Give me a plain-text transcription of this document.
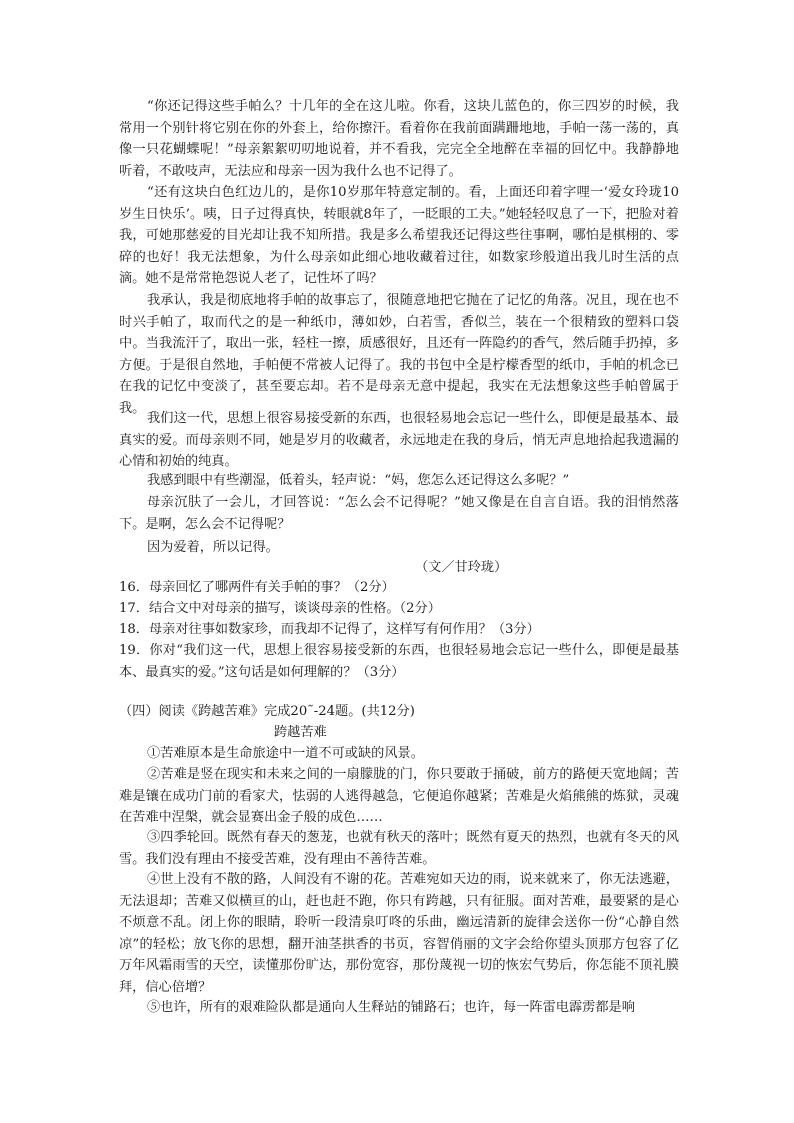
“你还记得这些手帕么？十几年的全在这儿啦。你看，这块儿蓝色的，你三四岁的时候，我常用一个别针将它别在你的外套上，给你擦汗。看着你在我前面蹒跚地地，手帕一荡一荡的，真像一只花蝴蝶呢！”母亲絮絮叨叨地说着，并不看我，完完全全地醉在幸福的回忆中。我静静地听着，不敢吱声，无法应和母亲一因为我什么也不记得了。

“还有这块白色红边儿的，是你10岁那年特意定制的。看，上面还印着字哩一‘爱女玲珑10岁生日快乐’。咦，日子过得真快，转眼就8年了，一眨眼的工夫。”她轻轻叹息了一下，把脸对着我，可她那慈爱的目光却让我不知所措。我是多么希望我还记得这些往事啊，哪怕是棋栩的、零碎的也好！我无法想象，为什么母亲如此细心地收藏着过往，如数家珍般道出我儿时生活的点滴。她不是常常艳怨说人老了，记性坏了吗？

我承认，我是彻底地将手帕的故事忘了，很随意地把它抛在了记忆的角落。况且，现在也不时兴手帕了，取而代之的是一种纸巾，薄如妙，白若雪，香似兰，装在一个很精致的塑料口袋中。当我流汗了，取出一张，轻柱一擦，质感很好，且还有一阵隐约的香气，然后随手扔掉，多方便。于是很自然地，手帕便不常被人记得了。我的书包中全是柠檬香型的纸巾，手帕的机念已在我的记忆中变淡了，甚至要忘却。若不是母亲无意中提起，我实在无法想象这些手帕曾属于我。

我们这一代，思想上很容易接受新的东西，也很轻易地会忘记一些什么，即便是最基本、最真实的爱。而母亲则不同，她是岁月的收藏者，永远地走在我的身后，悄无声息地拾起我遗漏的心情和初始的纯真。

我感到眼中有些潮湿，低着头，轻声说：“妈，您怎么还记得这么多呢？”

母亲沉肤了一会儿，才回答说：“怎么会不记得呢？”她又像是在自言自语。我的泪悄然落下。是啊，怎么会不记得呢？

因为爱着，所以记得。

（文／甘玲珑）

16．母亲回忆了哪两件有关手帕的事？（2分）

17．结合文中对母亲的描写，谈谈母亲的性格。（2分）

18．母亲对往事如数家珍，而我却不记得了，这样写有何作用？（3分）

19．你对“我们这一代，思想上很容易接受新的东西，也很轻易地会忘记一些什么，即便是最基本、最真实的爱。”这句话是如何理解的？（3分）

（四）阅读《跨越苦难》完成20˜-24题。(共12分)
跨越苦难

①苦难原本是生命旅途中一道不可或缺的风景。

②苦难是竖在现实和未来之间的一扇朦胧的门，你只要敢于捅破，前方的路便天宽地阔；苦难是镶在成功门前的看家犬，怯弱的人逃得越急，它便追你越紧；苦难是火焰熊熊的炼狱，灵魂在苦难中涅槃，就会显赛出金子般的成色……

③四季轮回。既然有春天的葱茏，也就有秋天的落叶；既然有夏天的热烈，也就有冬天的风雪。我们没有理由不接受苦难，没有理由不善待苦难。

④世上没有不散的路，人间没有不谢的花。苦难宛如天边的雨，说来就来了，你无法逃避，无法退却；苦难又似横亘的山，赶也赶不跑，你只有跨越，只有征服。面对苦难，最要紧的是心不烦意不乱。闭上你的眼睛，聆听一段清泉叮咚的乐曲，幽远清新的旋律会送你一份“心静自然凉”的轻松；放飞你的思想，翻开油茎拱香的书页，容智俏丽的文字会给你望头顶那方包容了亿万年风霜雨雪的天空，读懂那份旷达，那份宽容，那份蔑视一切的恢宏气势后，你怎能不顶礼膜拜，信心倍增？

⑤也许，所有的艰难险队都是通向人生释站的铺路石；也许，每一阵雷电霹雳都是响
